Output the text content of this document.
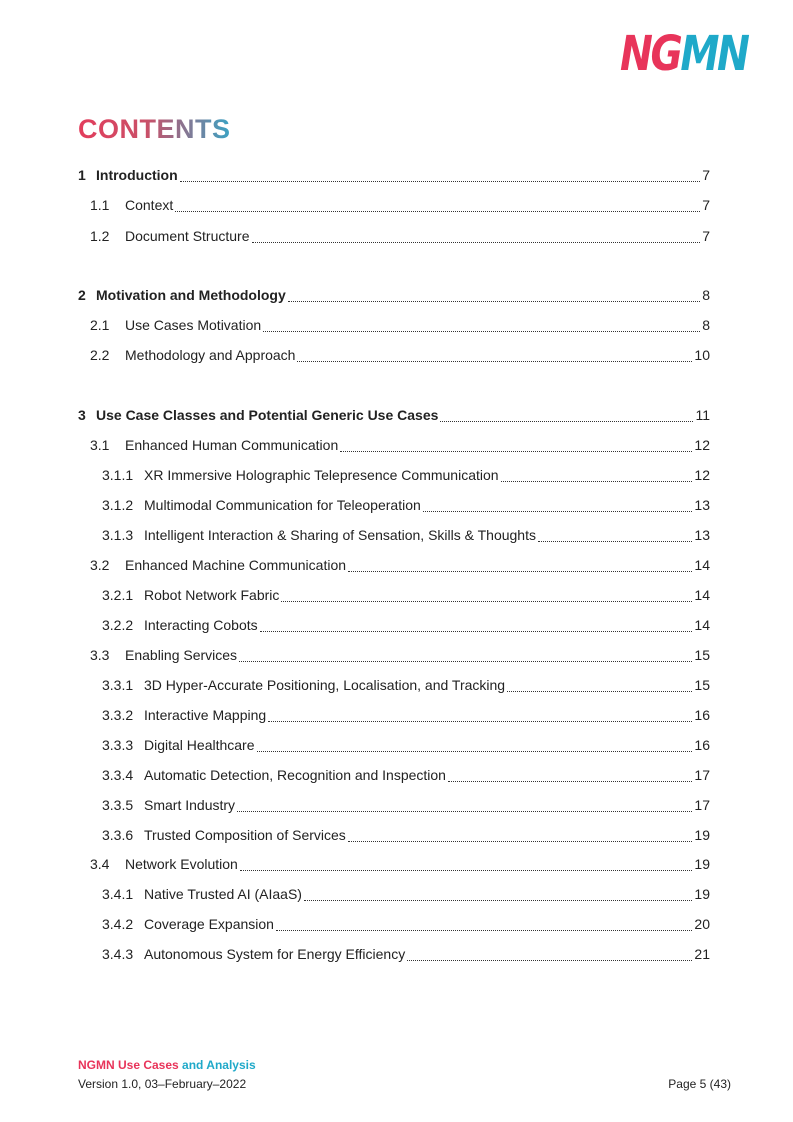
NGMN
CONTENTS
1 Introduction	7
1.1	Context	7
1.2	Document Structure	7
2 Motivation and Methodology	8
2.1	Use Cases Motivation	8
2.2	Methodology and Approach	10
3 Use Case Classes and Potential Generic Use Cases	11
3.1	Enhanced Human Communication	12
3.1.1 XR Immersive Holographic Telepresence Communication	12
3.1.2 Multimodal Communication for Teleoperation	13
3.1.3 Intelligent Interaction & Sharing of Sensation, Skills & Thoughts	13
3.2	Enhanced Machine Communication	14
3.2.1 Robot Network Fabric	14
3.2.2 Interacting Cobots	14
3.3	Enabling Services	15
3.3.1 3D Hyper-Accurate Positioning, Localisation, and Tracking	15
3.3.2 Interactive Mapping	16
3.3.3 Digital Healthcare	16
3.3.4 Automatic Detection, Recognition and Inspection	17
3.3.5 Smart Industry	17
3.3.6 Trusted Composition of Services	19
3.4	Network Evolution	19
3.4.1 Native Trusted AI (AIaaS)	19
3.4.2 Coverage Expansion	20
3.4.3 Autonomous System for Energy Efficiency	21
NGMN Use Cases and Analysis
Version 1.0, 03–February–2022	Page 5 (43)
